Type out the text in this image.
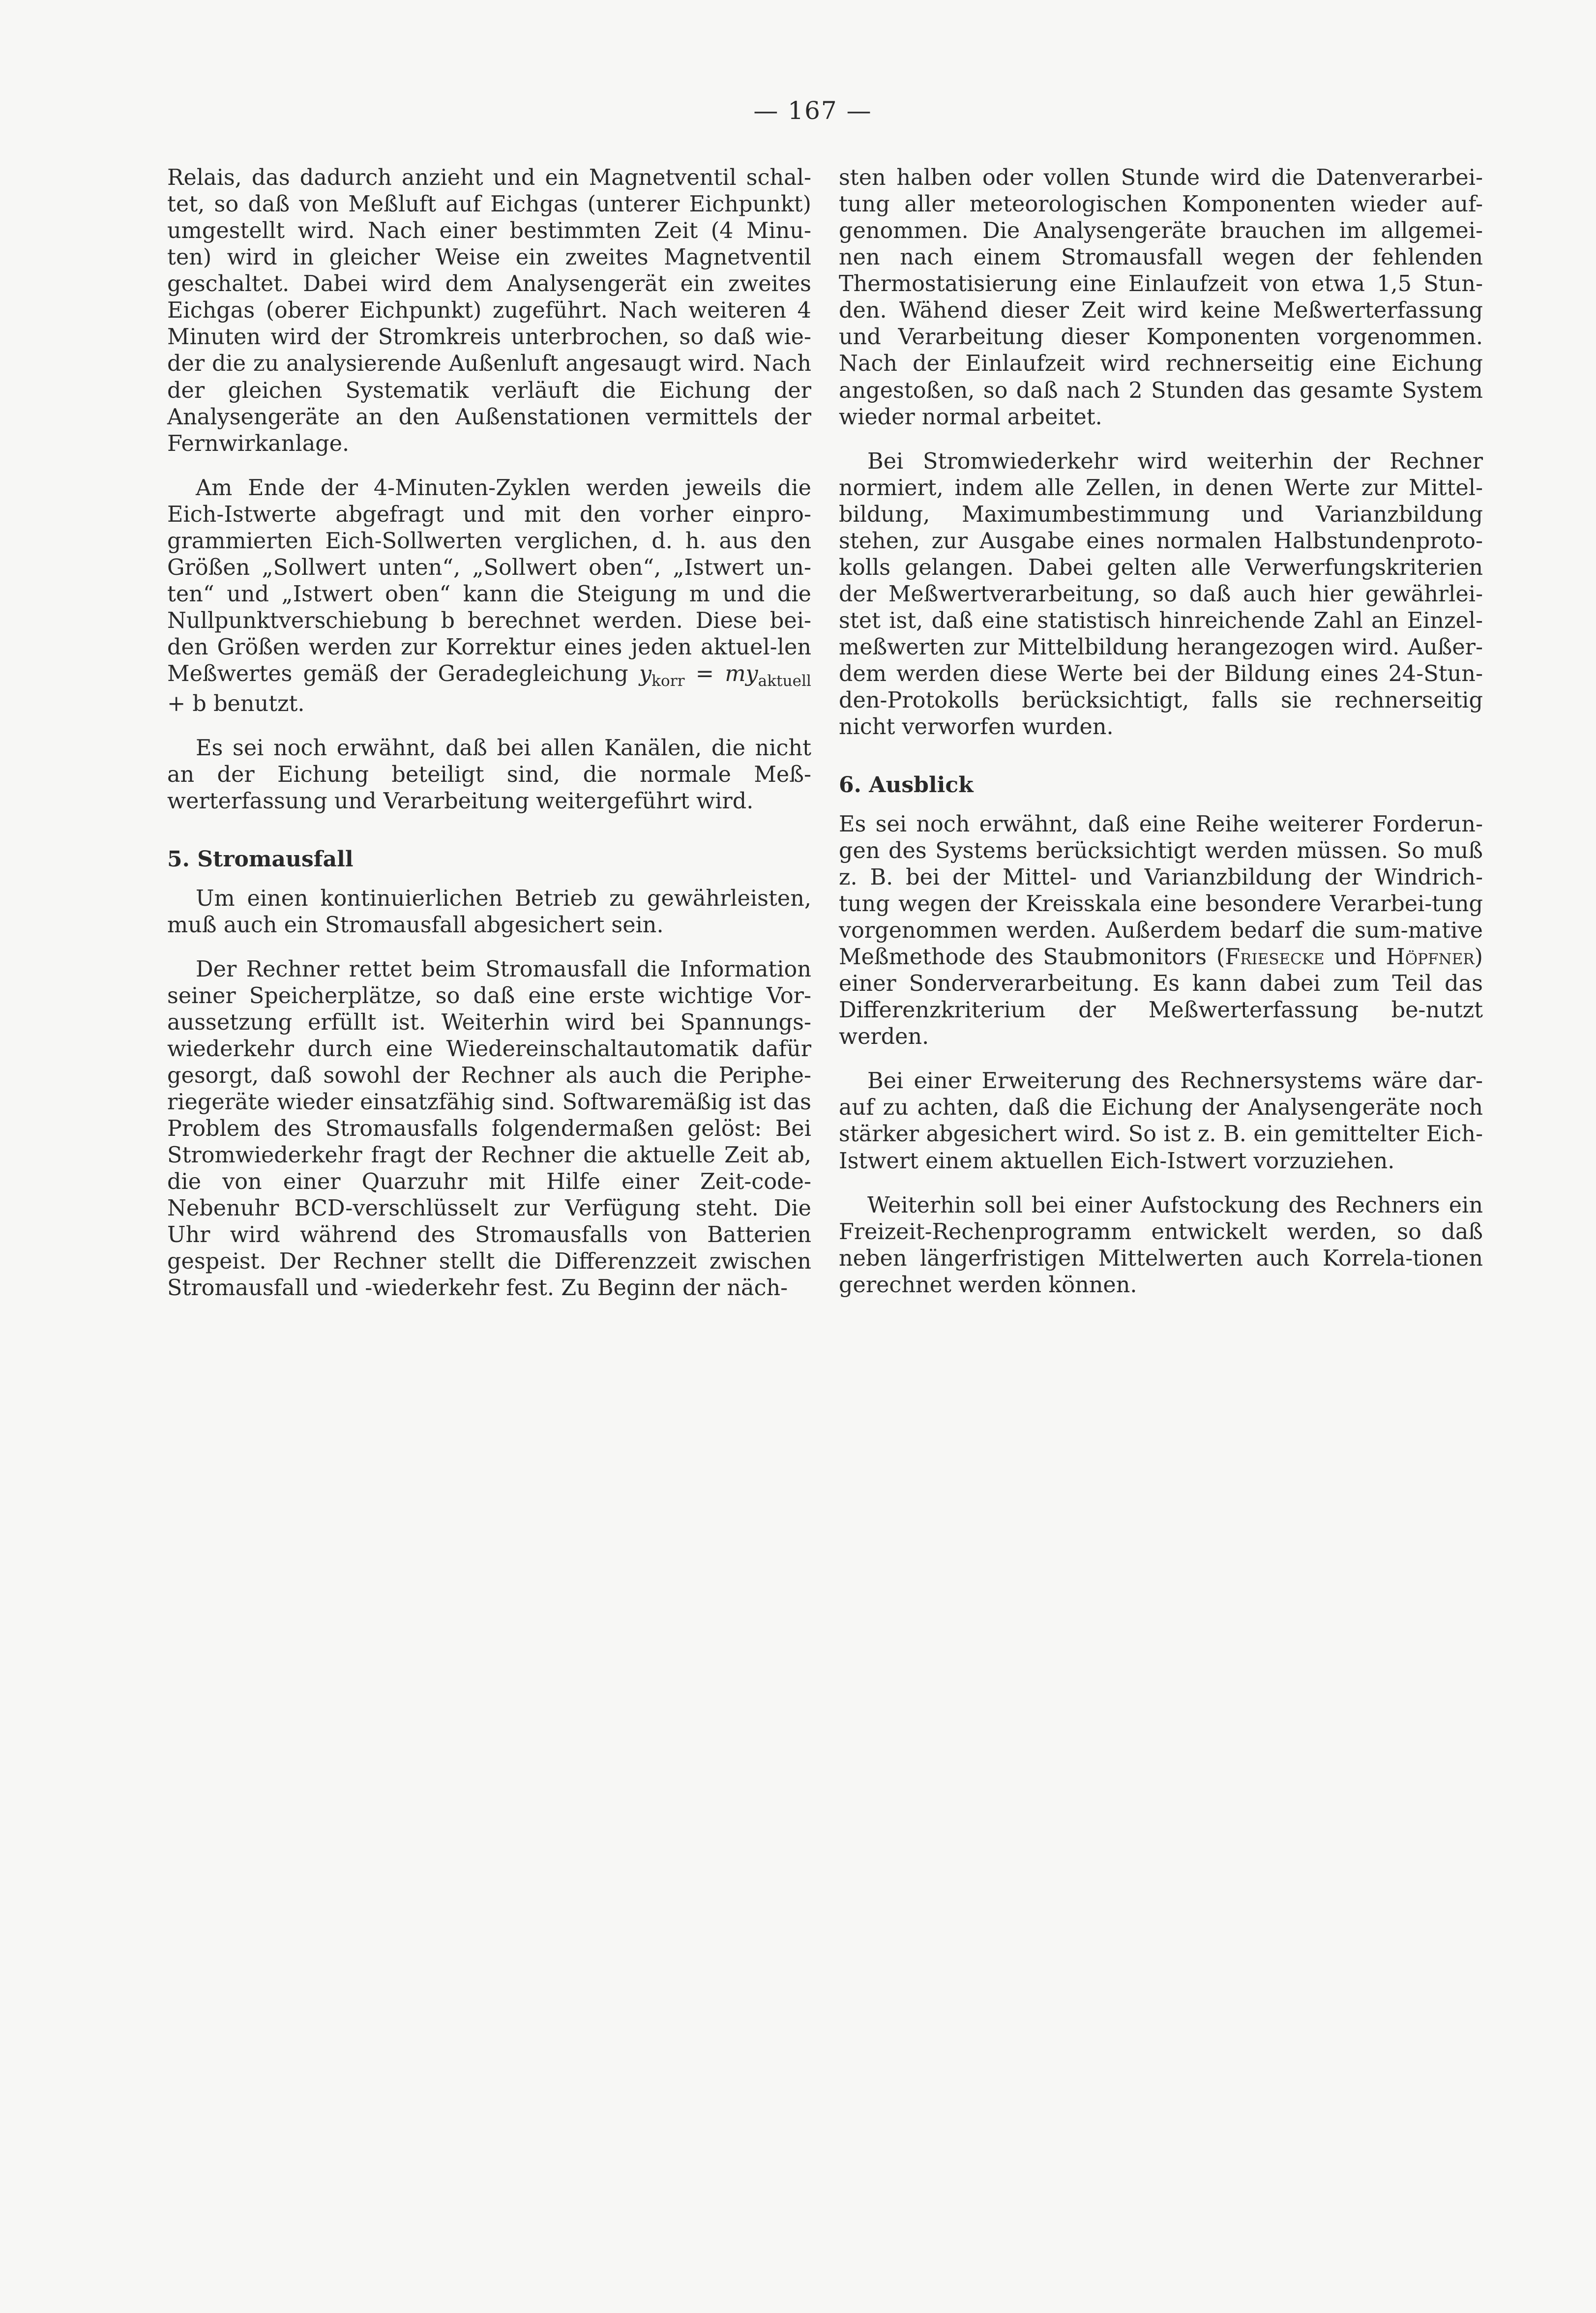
— 167 —

Relais, das dadurch anzieht und ein Magnetventil schal-tet, so daß von Meßluft auf Eichgas (unterer Eichpunkt) umgestellt wird. Nach einer bestimmten Zeit (4 Minu-ten) wird in gleicher Weise ein zweites Magnetventil geschaltet. Dabei wird dem Analysengerät ein zweites Eichgas (oberer Eichpunkt) zugeführt. Nach weiteren 4 Minuten wird der Stromkreis unterbrochen, so daß wie-der die zu analysierende Außenluft angesaugt wird. Nach der gleichen Systematik verläuft die Eichung der Analysengeräte an den Außenstationen vermittels der Fernwirkanlage.

Am Ende der 4-Minuten-Zyklen werden jeweils die Eich-Istwerte abgefragt und mit den vorher einpro-grammierten Eich-Sollwerten verglichen, d. h. aus den Größen „Sollwert unten“, „Sollwert oben“, „Istwert un-ten“ und „Istwert oben“ kann die Steigung m und die Nullpunktverschiebung b berechnet werden. Diese bei-den Größen werden zur Korrektur eines jeden aktuel-len Meßwertes gemäß der Geradegleichung $y_{korr} = my_{aktuell} + b$ benutzt.

Es sei noch erwähnt, daß bei allen Kanälen, die nicht an der Eichung beteiligt sind, die normale Meß-werterfassung und Verarbeitung weitergeführt wird.

5. Stromausfall

Um einen kontinuierlichen Betrieb zu gewährleisten, muß auch ein Stromausfall abgesichert sein.

Der Rechner rettet beim Stromausfall die Information seiner Speicherplätze, so daß eine erste wichtige Vor-aussetzung erfüllt ist. Weiterhin wird bei Spannungs-wiederkehr durch eine Wiedereinschaltautomatik dafür gesorgt, daß sowohl der Rechner als auch die Periphe-riegeräte wieder einsatzfähig sind. Softwaremäßig ist das Problem des Stromausfalls folgendermaßen gelöst: Bei Stromwiederkehr fragt der Rechner die aktuelle Zeit ab, die von einer Quarzuhr mit Hilfe einer Zeit-code-Nebenuhr BCD-verschlüsselt zur Verfügung steht. Die Uhr wird während des Stromausfalls von Batterien gespeist. Der Rechner stellt die Differenzzeit zwischen Stromausfall und -wiederkehr fest. Zu Beginn der näch-

sten halben oder vollen Stunde wird die Datenverarbei-tung aller meteorologischen Komponenten wieder auf-genommen. Die Analysengeräte brauchen im allgemei-nen nach einem Stromausfall wegen der fehlenden Thermostatisierung eine Einlaufzeit von etwa 1,5 Stun-den. Wähend dieser Zeit wird keine Meßwerterfassung und Verarbeitung dieser Komponenten vorgenommen. Nach der Einlaufzeit wird rechnerseitig eine Eichung angestoßen, so daß nach 2 Stunden das gesamte System wieder normal arbeitet.

Bei Stromwiederkehr wird weiterhin der Rechner normiert, indem alle Zellen, in denen Werte zur Mittel-bildung, Maximumbestimmung und Varianzbildung stehen, zur Ausgabe eines normalen Halbstundenproto-kolls gelangen. Dabei gelten alle Verwerfungskriterien der Meßwertverarbeitung, so daß auch hier gewährlei-stet ist, daß eine statistisch hinreichende Zahl an Einzel-meßwerten zur Mittelbildung herangezogen wird. Außer-dem werden diese Werte bei der Bildung eines 24-Stun-den-Protokolls berücksichtigt, falls sie rechnerseitig nicht verworfen wurden.

6. Ausblick

Es sei noch erwähnt, daß eine Reihe weiterer Forderun-gen des Systems berücksichtigt werden müssen. So muß z. B. bei der Mittel- und Varianzbildung der Windrich-tung wegen der Kreisskala eine besondere Verarbei-tung vorgenommen werden. Außerdem bedarf die sum-mative Meßmethode des Staubmonitors (Friesecke und Höpfner) einer Sonderverarbeitung. Es kann dabei zum Teil das Differenzkriterium der Meßwerterfassung be-nutzt werden.

Bei einer Erweiterung des Rechnersystems wäre dar-auf zu achten, daß die Eichung der Analysengeräte noch stärker abgesichert wird. So ist z. B. ein gemittelter Eich-Istwert einem aktuellen Eich-Istwert vorzuziehen.

Weiterhin soll bei einer Aufstockung des Rechners ein Freizeit-Rechenprogramm entwickelt werden, so daß neben längerfristigen Mittelwerten auch Korrela-tionen gerechnet werden können.
